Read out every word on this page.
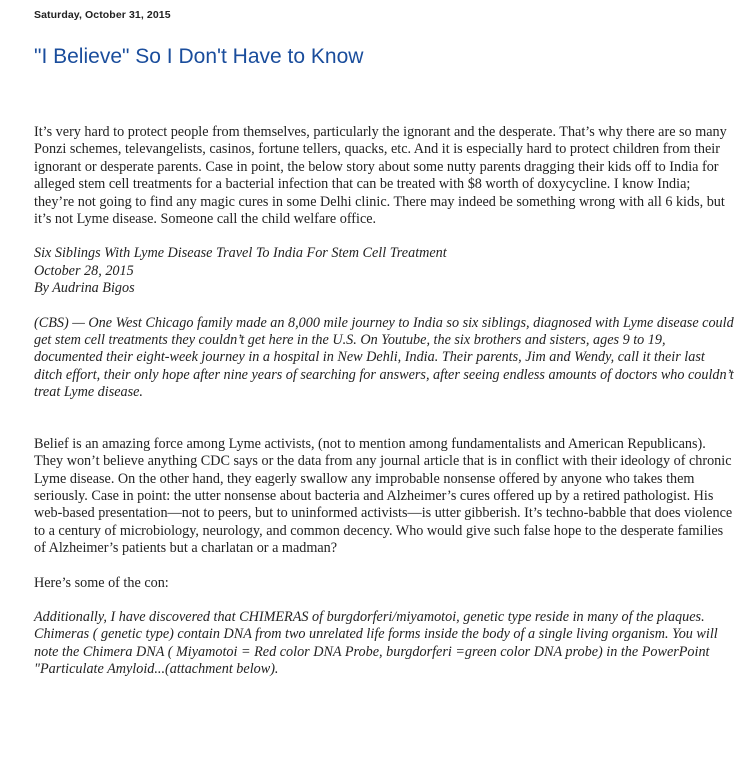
Saturday, October 31, 2015
"I Believe" So I Don't Have to Know

It’s very hard to protect people from themselves, particularly the ignorant and the desperate. That’s why there are so many Ponzi schemes, televangelists, casinos, fortune tellers, quacks, etc. And it is especially hard to protect children from their ignorant or desperate parents. Case in point, the below story about some nutty parents dragging their kids off to India for alleged stem cell treatments for a bacterial infection that can be treated with $8 worth of doxycycline. I know India; they’re not going to find any magic cures in some Delhi clinic. There may indeed be something wrong with all 6 kids, but it’s not Lyme disease. Someone call the child welfare office.

Six Siblings With Lyme Disease Travel To India For Stem Cell Treatment

October 28, 2015

By Audrina Bigos

(CBS) — One West Chicago family made an 8,000 mile journey to India so six siblings, diagnosed with Lyme disease could get stem cell treatments they couldn’t get here in the U.S. On Youtube, the six brothers and sisters, ages 9 to 19, documented their eight-week journey in a hospital in New Dehli, India. Their parents, Jim and Wendy, call it their last ditch effort, their only hope after nine years of searching for answers, after seeing endless amounts of doctors who couldn’t treat Lyme disease.

Belief is an amazing force among Lyme activists, (not to mention among fundamentalists and American Republicans). They won’t believe anything CDC says or the data from any journal article that is in conflict with their ideology of chronic Lyme disease. On the other hand, they eagerly swallow any improbable nonsense offered by anyone who takes them seriously. Case in point: the utter nonsense about bacteria and Alzheimer’s cures offered up by a retired pathologist. His web-based presentation—not to peers, but to uninformed activists—is utter gibberish. It’s techno-babble that does violence to a century of microbiology, neurology, and common decency. Who would give such false hope to the desperate families of Alzheimer’s patients but a charlatan or a madman?

Here’s some of the con:

Additionally, I have discovered that CHIMERAS of burgdorferi/miyamotoi, genetic type reside in many of the plaques. Chimeras ( genetic type) contain DNA from two unrelated life forms inside the body of a single living organism. You will note the Chimera DNA ( Miyamotoi = Red color DNA Probe, burgdorferi =green color DNA probe) in the PowerPoint "Particulate Amyloid...(attachment below).
